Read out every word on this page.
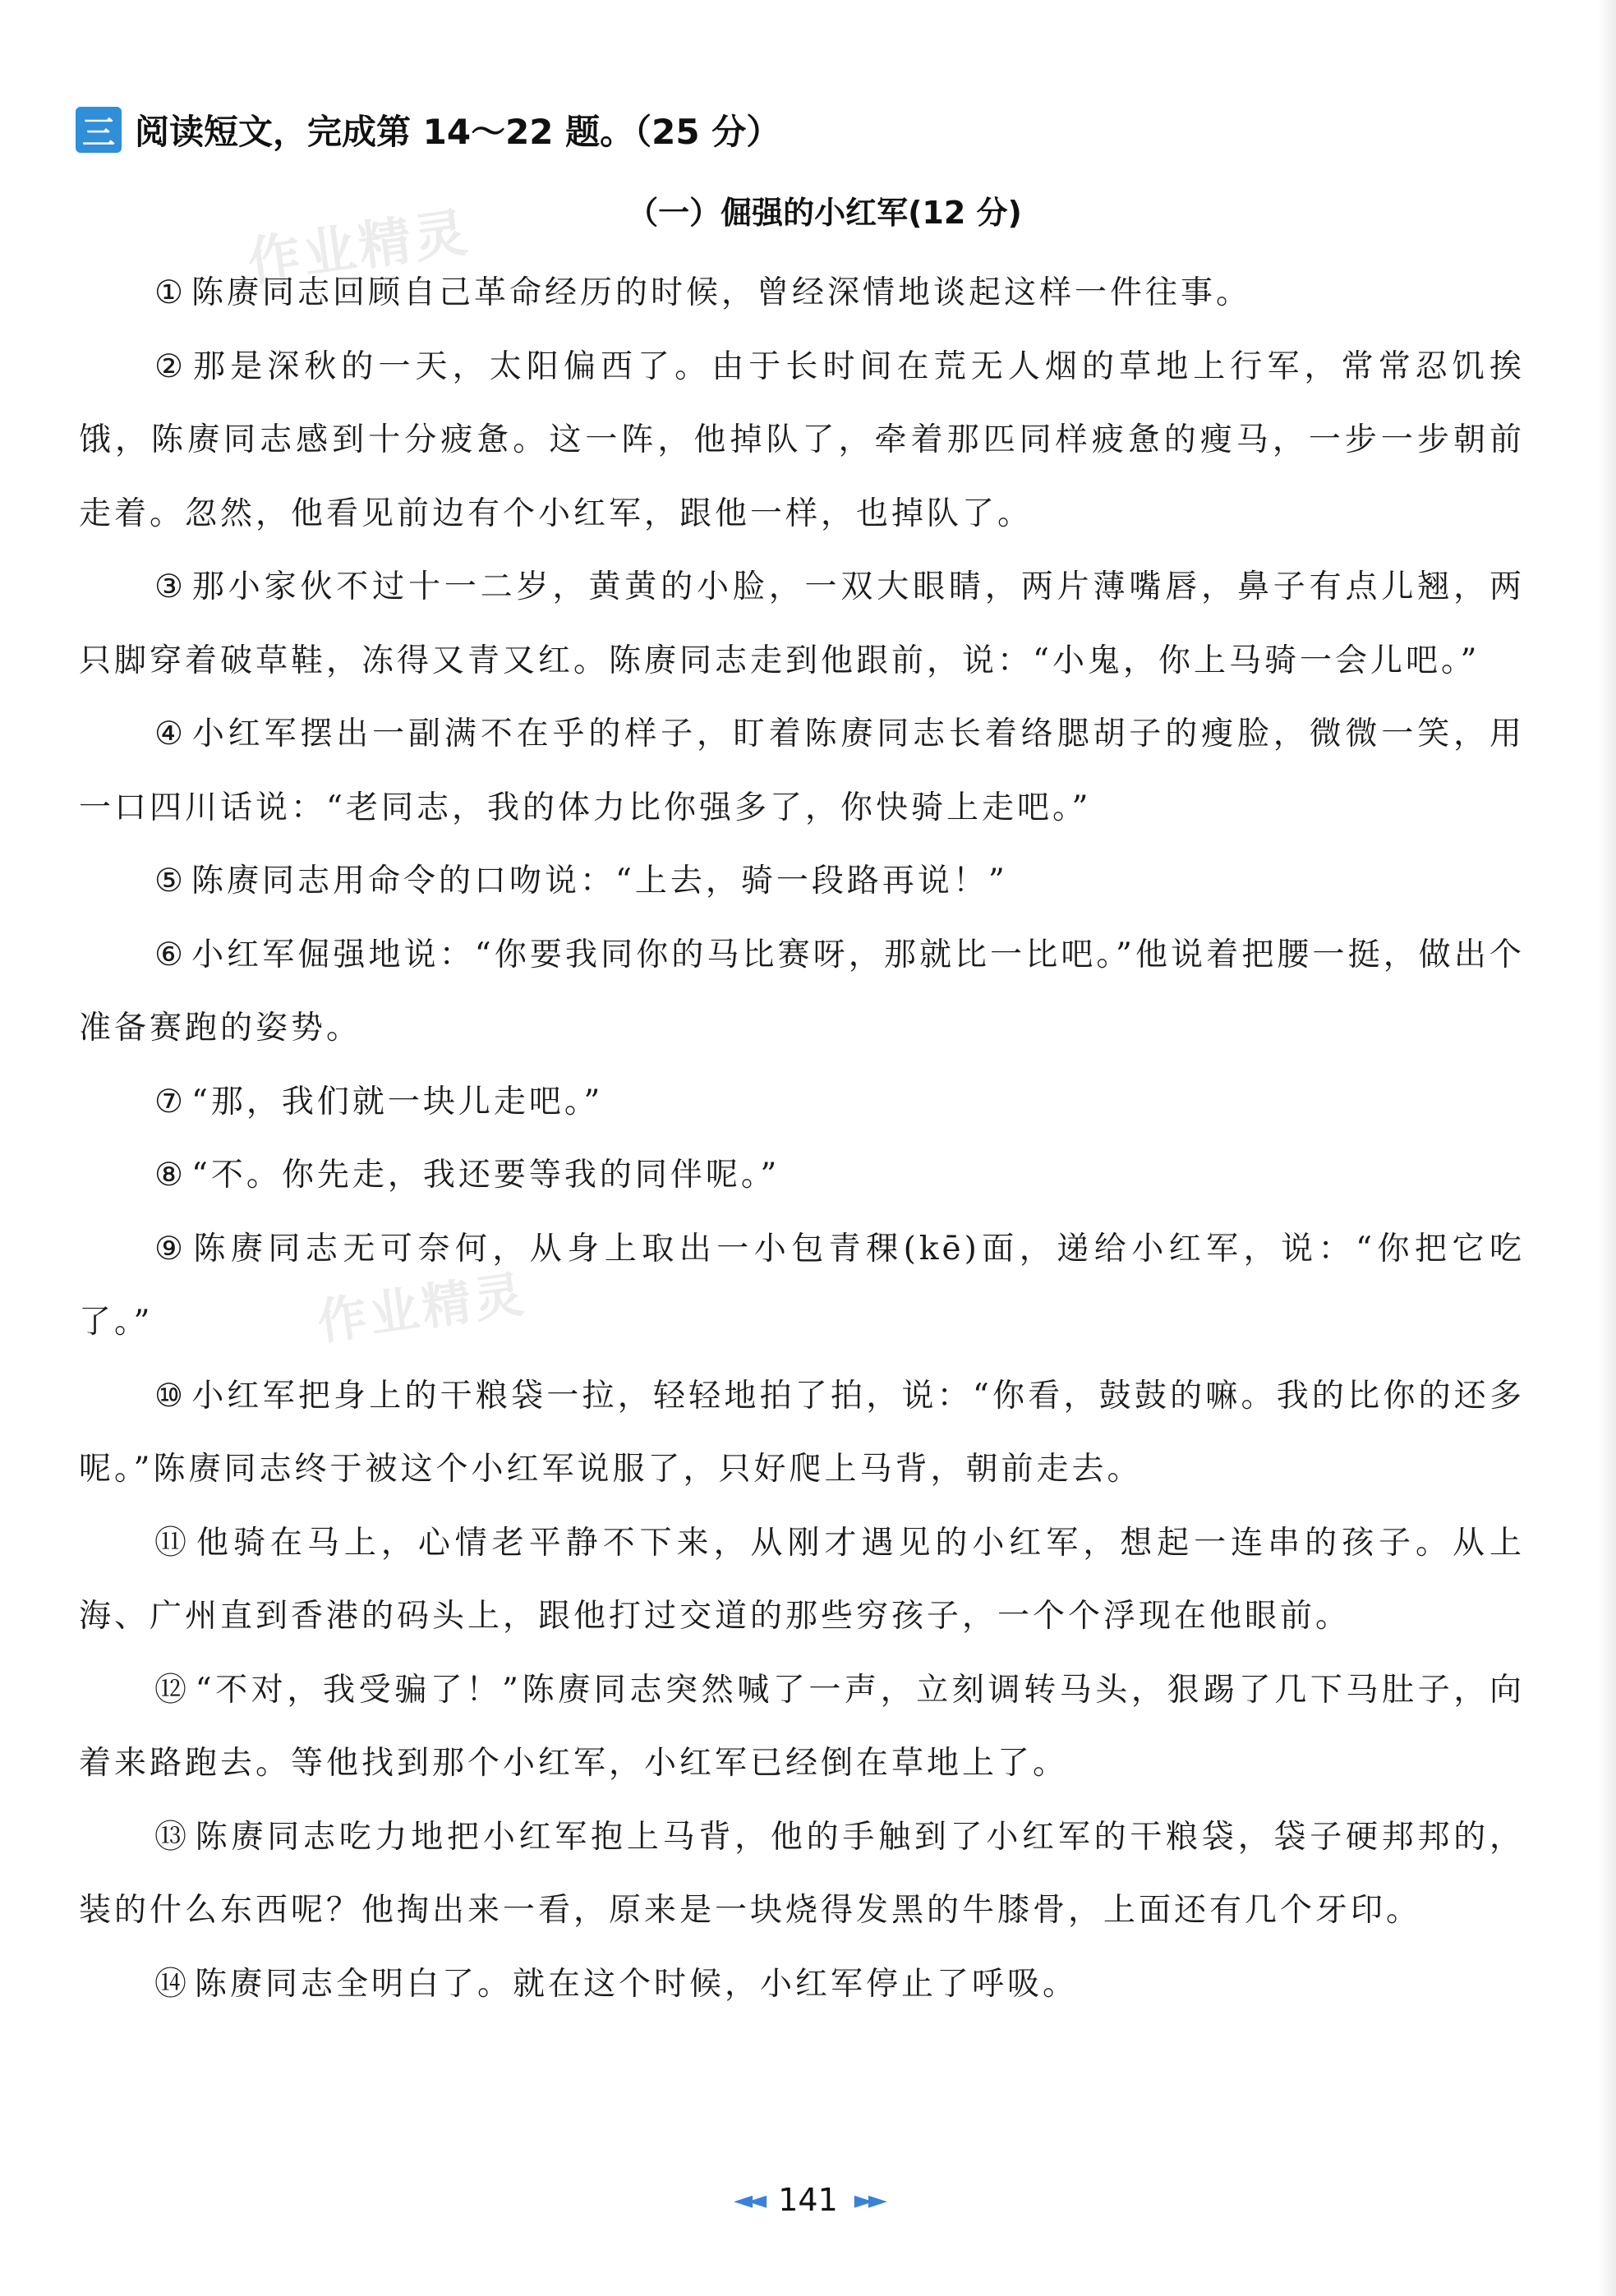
作业精灵
作业精灵
三 阅读短文，完成第 14～22 题。（25 分）
（一）倔强的小红军(12 分)

① 陈赓同志回顾自己革命经历的时候，曾经深情地谈起这样一件往事。

② 那是深秋的一天，太阳偏西了。由于长时间在荒无人烟的草地上行军，常常忍饥挨饿，陈赓同志感到十分疲惫。这一阵，他掉队了，牵着那匹同样疲惫的瘦马，一步一步朝前走着。忽然，他看见前边有个小红军，跟他一样，也掉队了。

③ 那小家伙不过十一二岁，黄黄的小脸，一双大眼睛，两片薄嘴唇，鼻子有点儿翘，两只脚穿着破草鞋，冻得又青又红。陈赓同志走到他跟前，说：“小鬼，你上马骑一会儿吧。”

④ 小红军摆出一副满不在乎的样子，盯着陈赓同志长着络腮胡子的瘦脸，微微一笑，用一口四川话说：“老同志，我的体力比你强多了，你快骑上走吧。”

⑤ 陈赓同志用命令的口吻说：“上去，骑一段路再说！”

⑥ 小红军倔强地说：“你要我同你的马比赛呀，那就比一比吧。”他说着把腰一挺，做出个准备赛跑的姿势。

⑦ “那，我们就一块儿走吧。”

⑧ “不。你先走，我还要等我的同伴呢。”

⑨ 陈赓同志无可奈何，从身上取出一小包青稞(kē)面，递给小红军，说：“你把它吃了。”

⑩ 小红军把身上的干粮袋一拉，轻轻地拍了拍，说：“你看，鼓鼓的嘛。我的比你的还多呢。”陈赓同志终于被这个小红军说服了，只好爬上马背，朝前走去。

⑪ 他骑在马上，心情老平静不下来，从刚才遇见的小红军，想起一连串的孩子。从上海、广州直到香港的码头上，跟他打过交道的那些穷孩子，一个个浮现在他眼前。

⑫ “不对，我受骗了！”陈赓同志突然喊了一声，立刻调转马头，狠踢了几下马肚子，向着来路跑去。等他找到那个小红军，小红军已经倒在草地上了。

⑬ 陈赓同志吃力地把小红军抱上马背，他的手触到了小红军的干粮袋，袋子硬邦邦的，装的什么东西呢？他掏出来一看，原来是一块烧得发黑的牛膝骨，上面还有几个牙印。

⑭ 陈赓同志全明白了。就在这个时候，小红军停止了呼吸。

◄◄ 141 ►►
